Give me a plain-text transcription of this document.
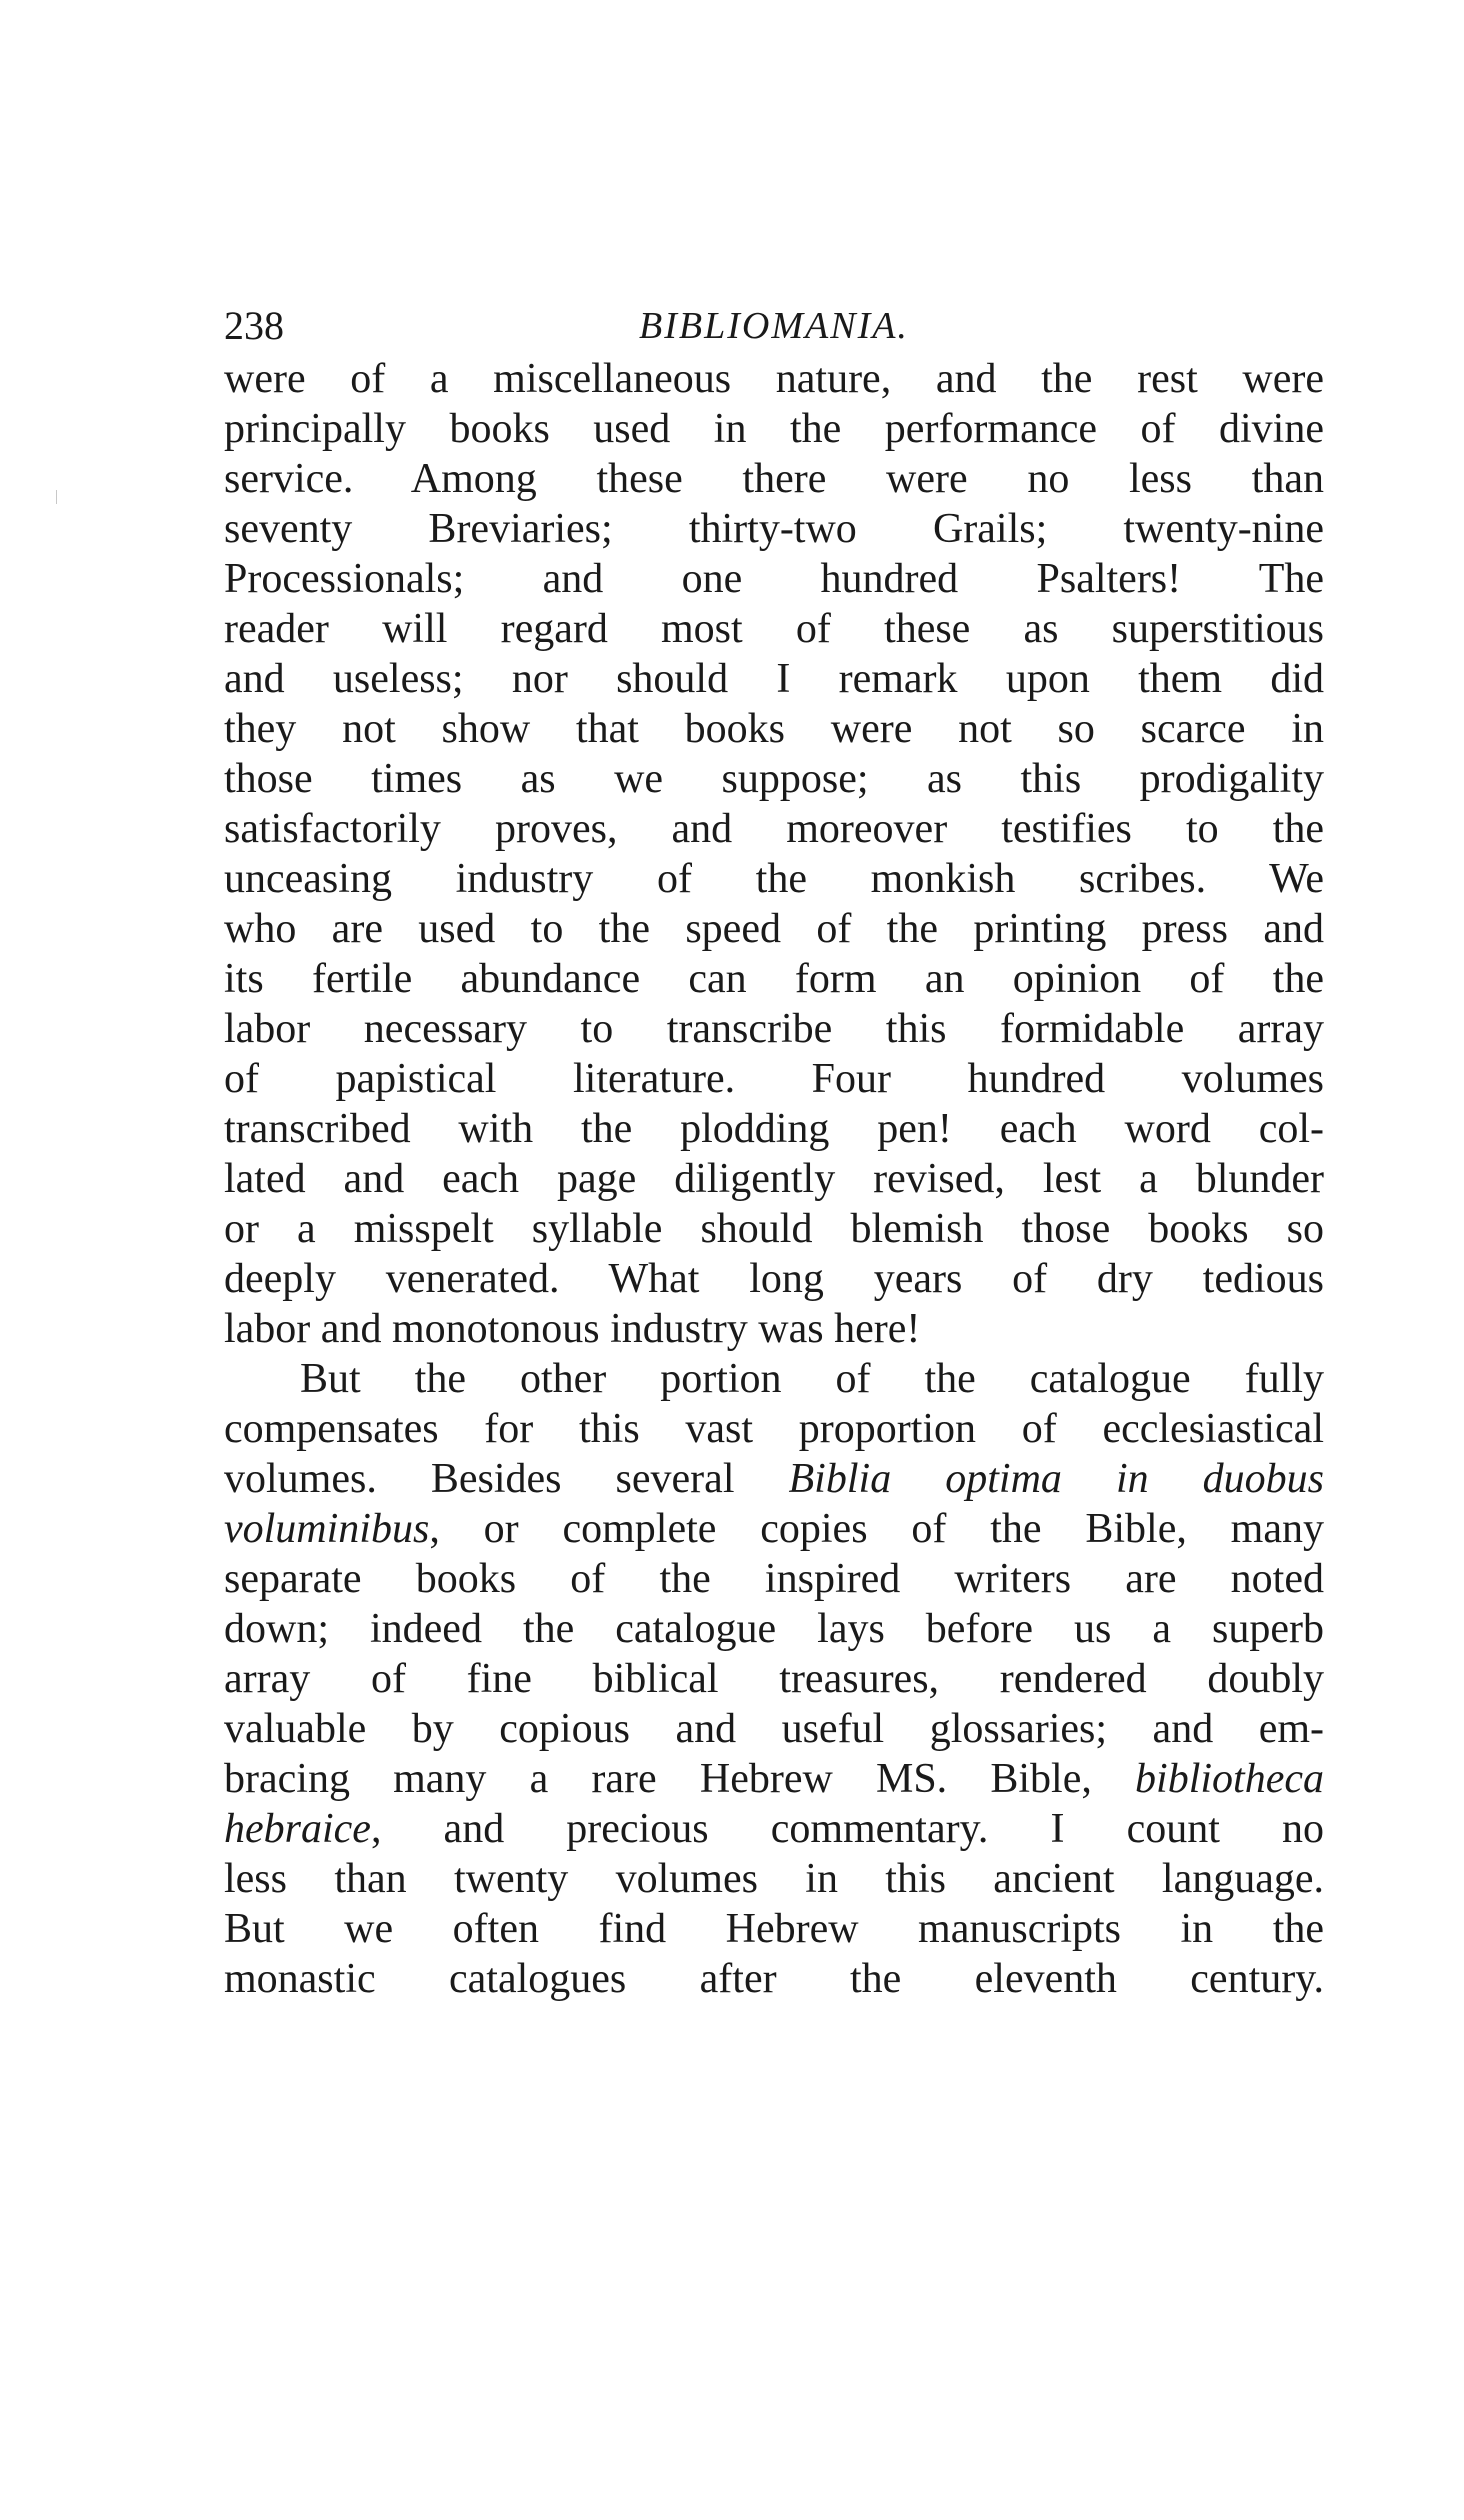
238	BIBLIOMANIA.
were of a miscellaneous nature, and the rest were
principally books used in the performance of divine
service. Among these there were no less than
seventy Breviaries; thirty-two Grails; twenty-nine
Processionals; and one hundred Psalters! The
reader will regard most of these as superstitious
and useless; nor should I remark upon them did
they not show that books were not so scarce in
those times as we suppose; as this prodigality
satisfactorily proves, and moreover testifies to the
unceasing industry of the monkish scribes. We
who are used to the speed of the printing press and
its fertile abundance can form an opinion of the
labor necessary to transcribe this formidable array
of papistical literature. Four hundred volumes
transcribed with the plodding pen! each word col-
lated and each page diligently revised, lest a blunder
or a misspelt syllable should blemish those books so
deeply venerated. What long years of dry tedious
labor and monotonous industry was here!
But the other portion of the catalogue fully
compensates for this vast proportion of ecclesiastical
volumes. Besides several Biblia optima in duobus
voluminibus, or complete copies of the Bible, many
separate books of the inspired writers are noted
down; indeed the catalogue lays before us a superb
array of fine biblical treasures, rendered doubly
valuable by copious and useful glossaries; and em-
bracing many a rare Hebrew MS. Bible, bibliotheca
hebraice, and precious commentary. I count no
less than twenty volumes in this ancient language.
But we often find Hebrew manuscripts in the
monastic catalogues after the eleventh century.
